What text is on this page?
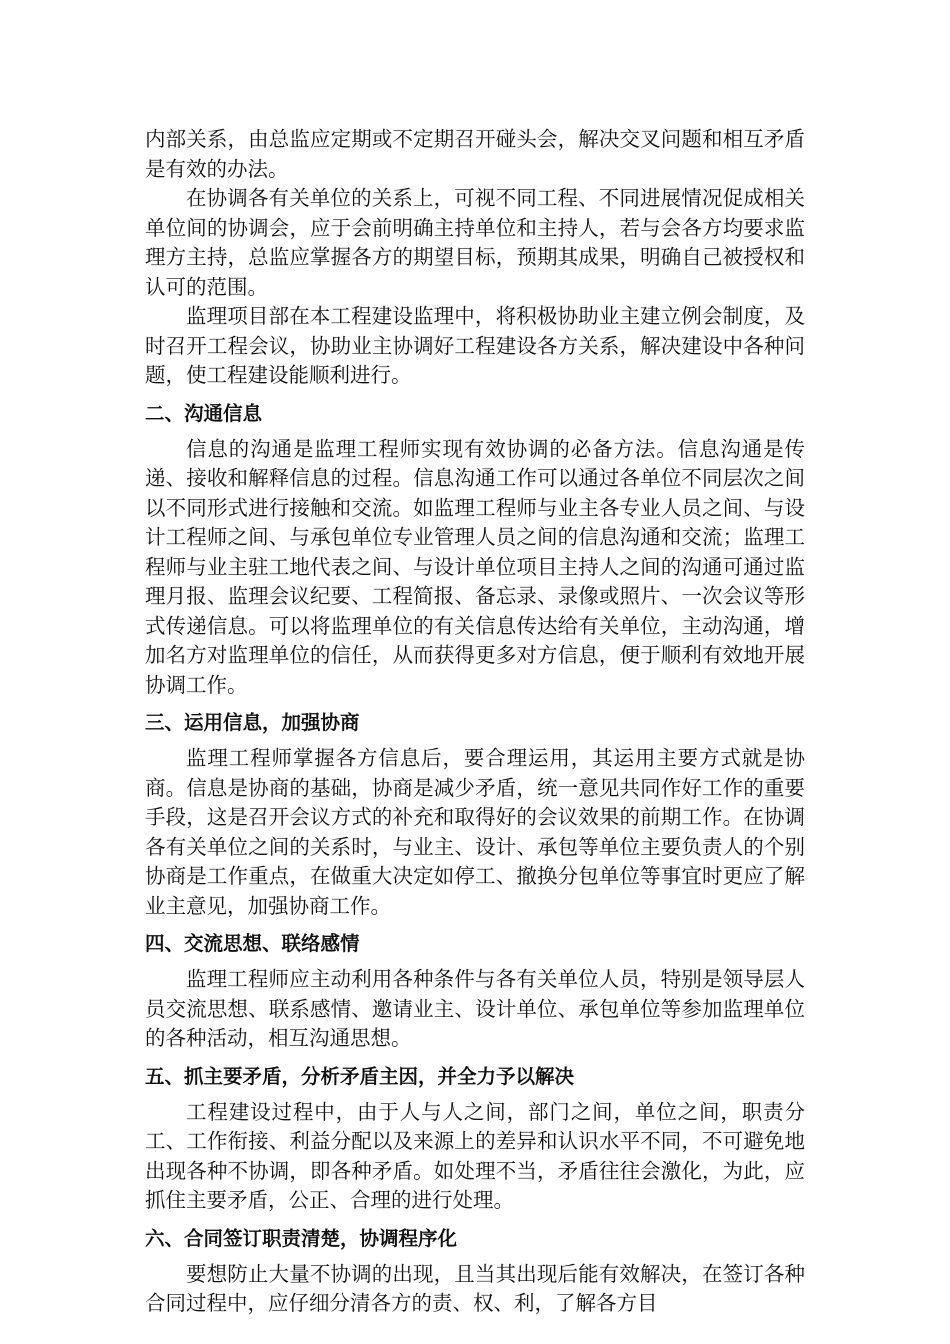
内部关系，由总监应定期或不定期召开碰头会，解决交叉问题和相互矛盾是有效的办法。

在协调各有关单位的关系上，可视不同工程、不同进展情况促成相关单位间的协调会，应于会前明确主持单位和主持人，若与会各方均要求监理方主持，总监应掌握各方的期望目标，预期其成果，明确自己被授权和认可的范围。

监理项目部在本工程建设监理中，将积极协助业主建立例会制度，及时召开工程会议，协助业主协调好工程建设各方关系，解决建设中各种问题，使工程建设能顺利进行。

二、沟通信息

信息的沟通是监理工程师实现有效协调的必备方法。信息沟通是传递、接收和解释信息的过程。信息沟通工作可以通过各单位不同层次之间以不同形式进行接触和交流。如监理工程师与业主各专业人员之间、与设计工程师之间、与承包单位专业管理人员之间的信息沟通和交流；监理工程师与业主驻工地代表之间、与设计单位项目主持人之间的沟通可通过监理月报、监理会议纪要、工程简报、备忘录、录像或照片、一次会议等形式传递信息。可以将监理单位的有关信息传达给有关单位，主动沟通，增加名方对监理单位的信任，从而获得更多对方信息，便于顺利有效地开展协调工作。

三、运用信息，加强协商

监理工程师掌握各方信息后，要合理运用，其运用主要方式就是协商。信息是协商的基础，协商是减少矛盾，统一意见共同作好工作的重要手段，这是召开会议方式的补充和取得好的会议效果的前期工作。在协调各有关单位之间的关系时，与业主、设计、承包等单位主要负责人的个别协商是工作重点，在做重大决定如停工、撤换分包单位等事宜时更应了解业主意见，加强协商工作。

四、交流思想、联络感情

监理工程师应主动利用各种条件与各有关单位人员，特别是领导层人员交流思想、联系感情、邀请业主、设计单位、承包单位等参加监理单位的各种活动，相互沟通思想。

五、抓主要矛盾，分析矛盾主因，并全力予以解决

工程建设过程中，由于人与人之间，部门之间，单位之间，职责分工、工作衔接、利益分配以及来源上的差异和认识水平不同，不可避免地出现各种不协调，即各种矛盾。如处理不当，矛盾往往会激化，为此，应抓住主要矛盾，公正、合理的进行处理。

六、合同签订职责清楚，协调程序化

要想防止大量不协调的出现，且当其出现后能有效解决，在签订各种合同过程中，应仔细分清各方的责、权、利，了解各方目
